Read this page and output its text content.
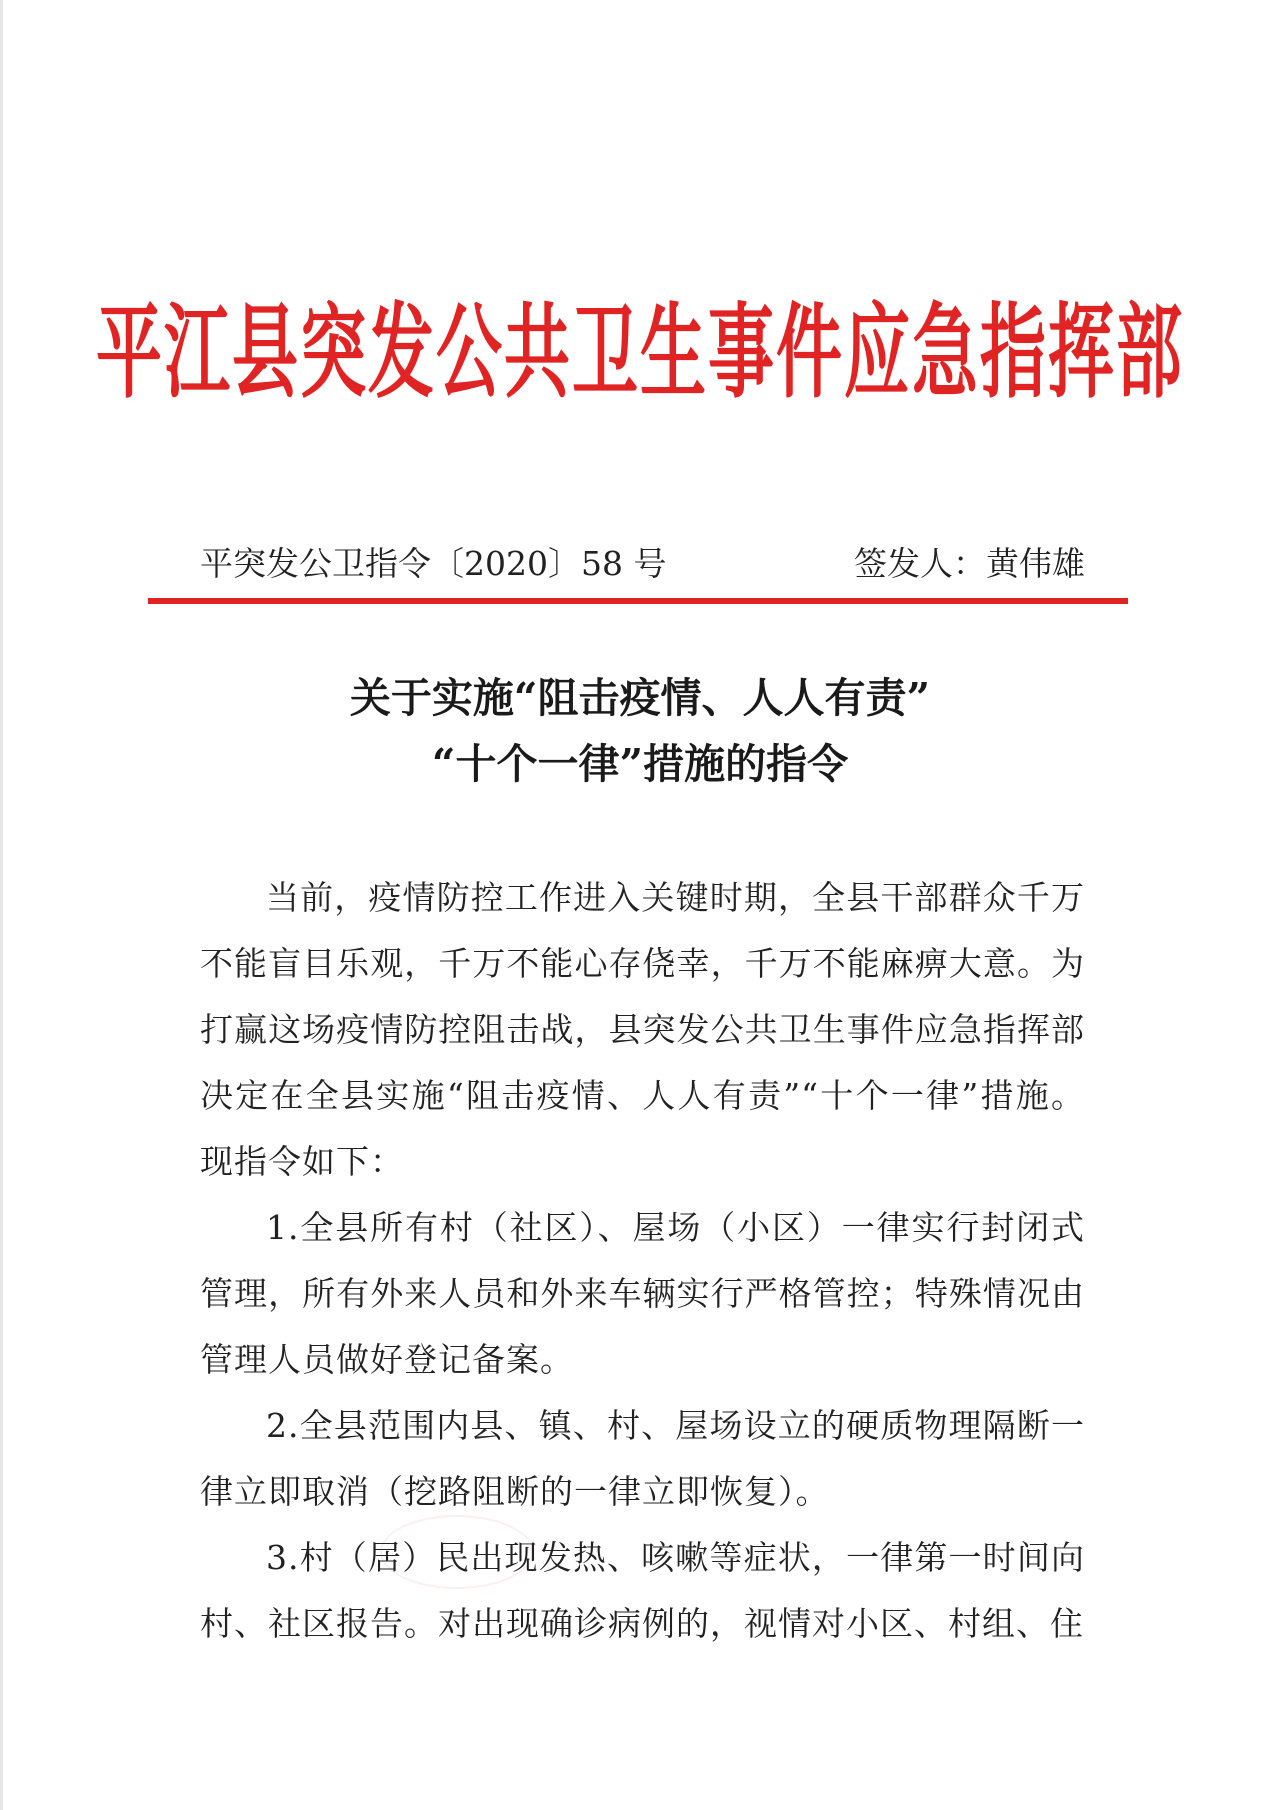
平江县突发公共卫生事件应急指挥部
平突发公卫指令〔2020〕58 号	签发人：黄伟雄
关于实施“阻击疫情、人人有责”
“十个一律”措施的指令

当前，疫情防控工作进入关键时期，全县干部群众千万不能盲目乐观，千万不能心存侥幸，千万不能麻痹大意。为打赢这场疫情防控阻击战，县突发公共卫生事件应急指挥部决定在全县实施“阻击疫情、人人有责”“十个一律”措施。现指令如下：

1.全县所有村（社区）、屋场（小区）一律实行封闭式管理，所有外来人员和外来车辆实行严格管控；特殊情况由管理人员做好登记备案。

2.全县范围内县、镇、村、屋场设立的硬质物理隔断一律立即取消（挖路阻断的一律立即恢复）。

3.村（居）民出现发热、咳嗽等症状，一律第一时间向村、社区报告。对出现确诊病例的，视情对小区、村组、住
